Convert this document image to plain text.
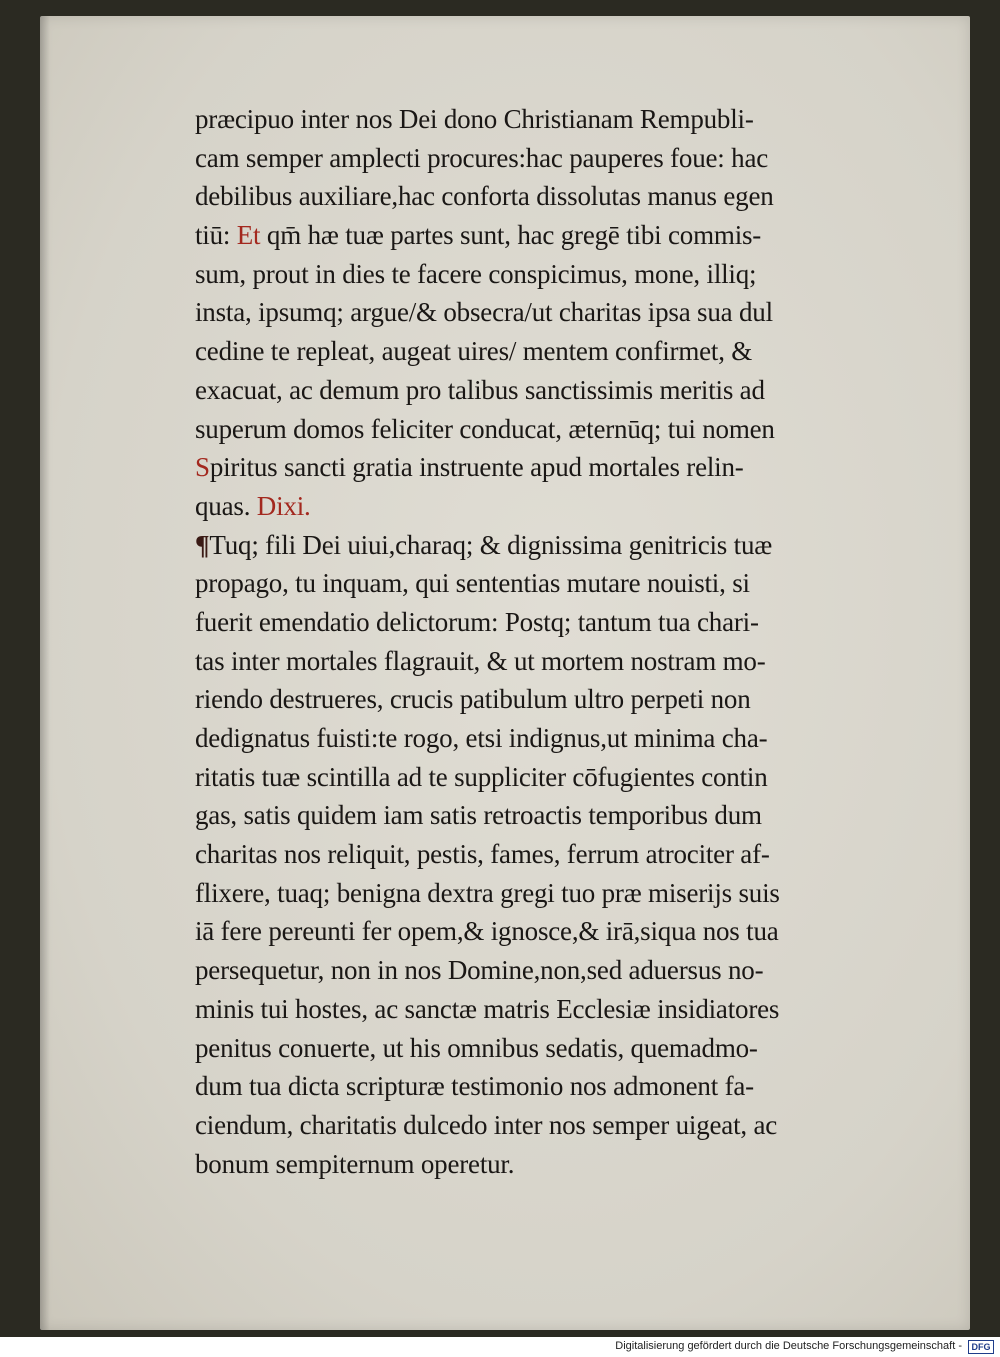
præcipuo inter nos Dei dono Christianam Rempubli-
cam semper amplecti procures:hac pauperes foue: hac
debilibus auxiliare,hac conforta dissolutas manus egen
tiū: Et qm̄ hæ tuæ partes sunt, hac gregē tibi commis-
sum, prout in dies te facere conspicimus, mone, illiq;
insta, ipsumq; argue/& obsecra/ut charitas ipsa sua dul
cedine te repleat, augeat uires/ mentem confirmet, &
exacuat, ac demum pro talibus sanctissimis meritis ad
superum domos feliciter conducat, æternūq; tui nomen
Spiritus sancti gratia instruente apud mortales relin-
quas. Dixi.
¶Tuq; fili Dei uiui,charaq; & dignissima genitricis tuæ
propago, tu inquam, qui sententias mutare nouisti, si
fuerit emendatio delictorum: Postq; tantum tua chari-
tas inter mortales flagrauit, & ut mortem nostram mo-
riendo destrueres, crucis patibulum ultro perpeti non
dedignatus fuisti:te rogo, etsi indignus,ut minima cha-
ritatis tuæ scintilla ad te suppliciter cōfugientes contin
gas, satis quidem iam satis retroactis temporibus dum
charitas nos reliquit, pestis, fames, ferrum atrociter af-
flixere, tuaq; benigna dextra gregi tuo præ miserijs suis
iā fere pereunti fer opem,& ignosce,& irā,siqua nos tua
persequetur, non in nos Domine,non,sed aduersus no-
minis tui hostes, ac sanctæ matris Ecclesiæ insidiatores
penitus conuerte, ut his omnibus sedatis, quemadmo-
dum tua dicta scripturæ testimonio nos admonent fa-
ciendum, charitatis dulcedo inter nos semper uigeat, ac
bonum sempiternum operetur.
Digitalisierung gefördert durch die Deutsche Forschungsgemeinschaft -	DFG
